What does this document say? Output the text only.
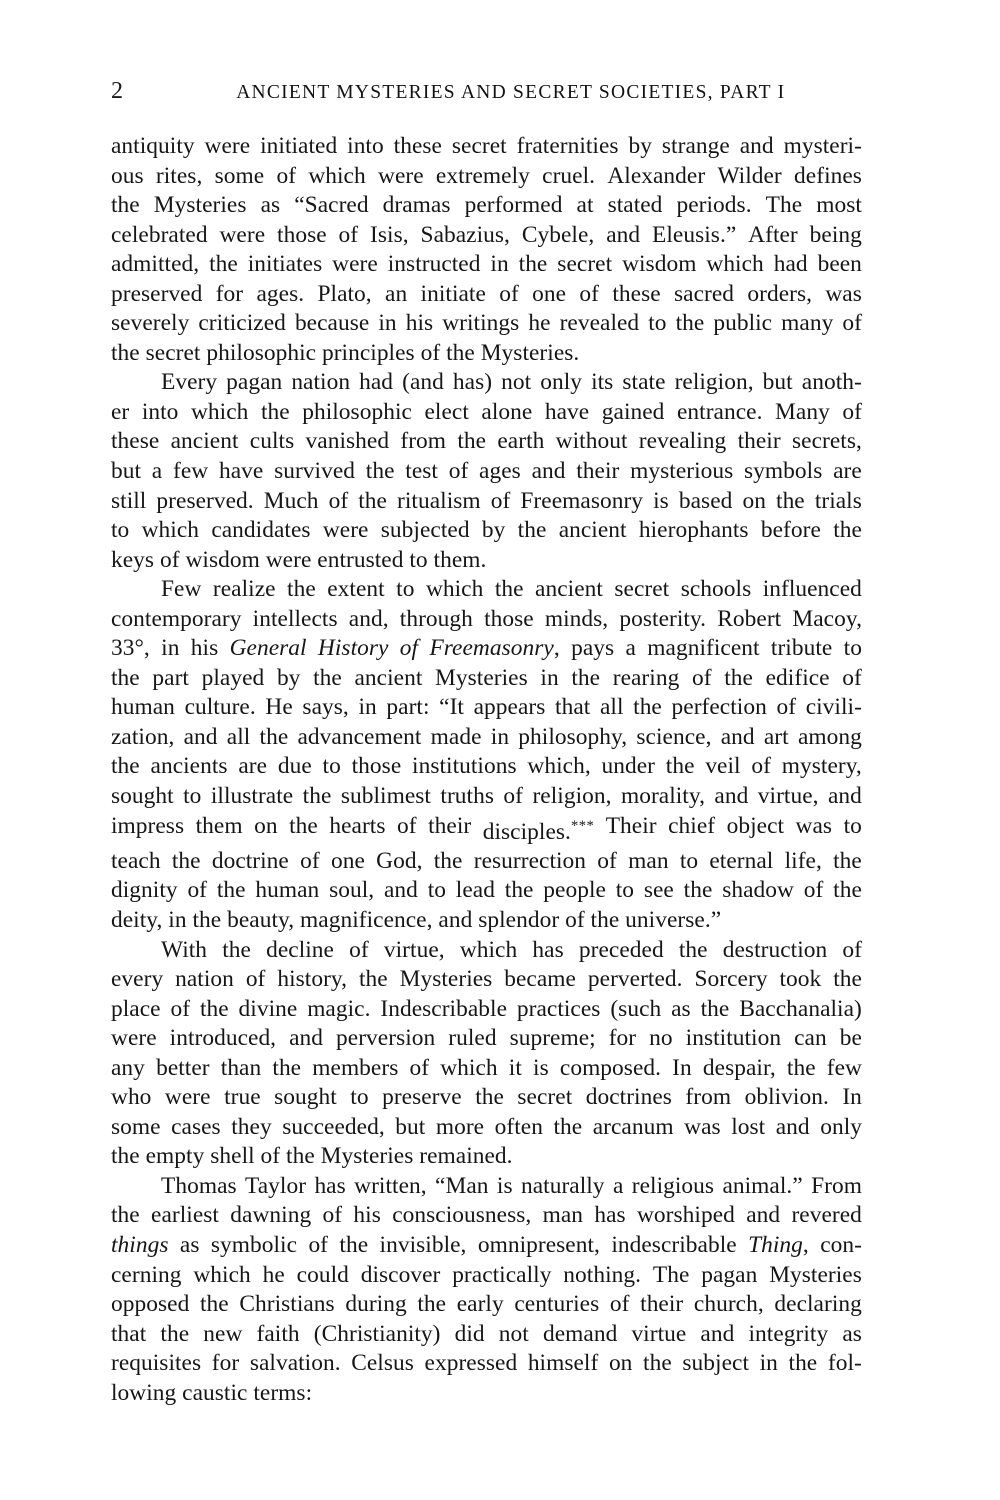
2	ANCIENT MYSTERIES AND SECRET SOCIETIES, PART I

antiquity were initiated into these secret fraternities by strange and mysteri-
ous rites, some of which were extremely cruel. Alexander Wilder defines
the Mysteries as “Sacred dramas performed at stated periods. The most
celebrated were those of Isis, Sabazius, Cybele, and Eleusis.” After being
admitted, the initiates were instructed in the secret wisdom which had been
preserved for ages. Plato, an initiate of one of these sacred orders, was
severely criticized because in his writings he revealed to the public many of
the secret philosophic principles of the Mysteries.

Every pagan nation had (and has) not only its state religion, but anoth-
er into which the philosophic elect alone have gained entrance. Many of
these ancient cults vanished from the earth without revealing their secrets,
but a few have survived the test of ages and their mysterious symbols are
still preserved. Much of the ritualism of Freemasonry is based on the trials
to which candidates were subjected by the ancient hierophants before the
keys of wisdom were entrusted to them.

Few realize the extent to which the ancient secret schools influenced
contemporary intellects and, through those minds, posterity. Robert Macoy,
33°, in his General History of Freemasonry, pays a magnificent tribute to
the part played by the ancient Mysteries in the rearing of the edifice of
human culture. He says, in part: “It appears that all the perfection of civili-
zation, and all the advancement made in philosophy, science, and art among
the ancients are due to those institutions which, under the veil of mystery,
sought to illustrate the sublimest truths of religion, morality, and virtue, and
impress them on the hearts of their disciples.*** Their chief object was to
teach the doctrine of one God, the resurrection of man to eternal life, the
dignity of the human soul, and to lead the people to see the shadow of the
deity, in the beauty, magnificence, and splendor of the universe.”

With the decline of virtue, which has preceded the destruction of
every nation of history, the Mysteries became perverted. Sorcery took the
place of the divine magic. Indescribable practices (such as the Bacchanalia)
were introduced, and perversion ruled supreme; for no institution can be
any better than the members of which it is composed. In despair, the few
who were true sought to preserve the secret doctrines from oblivion. In
some cases they succeeded, but more often the arcanum was lost and only
the empty shell of the Mysteries remained.

Thomas Taylor has written, “Man is naturally a religious animal.” From
the earliest dawning of his consciousness, man has worshiped and revered
things as symbolic of the invisible, omnipresent, indescribable Thing, con-
cerning which he could discover practically nothing. The pagan Mysteries
opposed the Christians during the early centuries of their church, declaring
that the new faith (Christianity) did not demand virtue and integrity as
requisites for salvation. Celsus expressed himself on the subject in the fol-
lowing caustic terms:
